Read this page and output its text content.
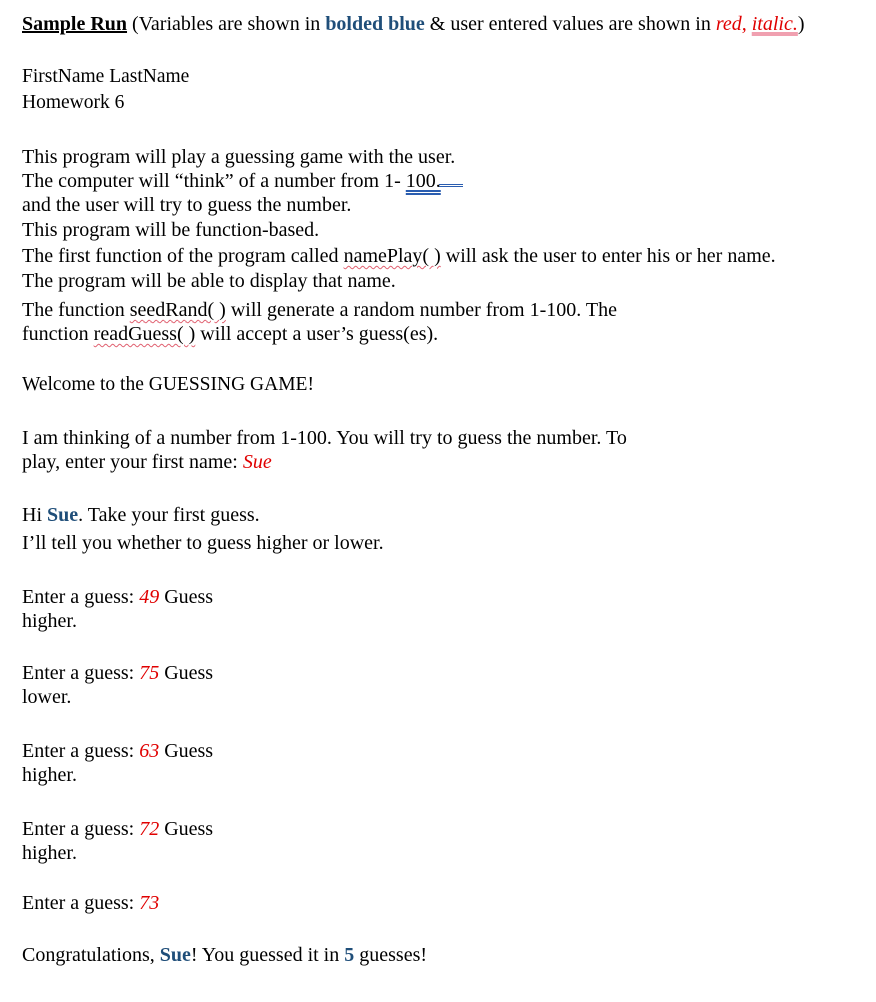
Sample Run (Variables are shown in bolded blue & user entered values are shown in red, italic.)
FirstName LastName
Homework 6
This program will play a guessing game with the user.
The computer will “think” of a number from 1- 100.
and the user will try to guess the number.
This program will be function-based.
The first function of the program called namePlay( ) will ask the user to enter his or her name.
The program will be able to display that name.
The function seedRand( ) will generate a random number from 1-100. The
function readGuess( ) will accept a user’s guess(es).
Welcome to the GUESSING GAME!
I am thinking of a number from 1-100. You will try to guess the number. To
play, enter your first name: Sue
Hi Sue. Take your first guess.
I’ll tell you whether to guess higher or lower.
Enter a guess: 49 Guess
higher.
Enter a guess: 75 Guess
lower.
Enter a guess: 63 Guess
higher.
Enter a guess: 72 Guess
higher.
Enter a guess: 73
Congratulations, Sue! You guessed it in 5 guesses!
